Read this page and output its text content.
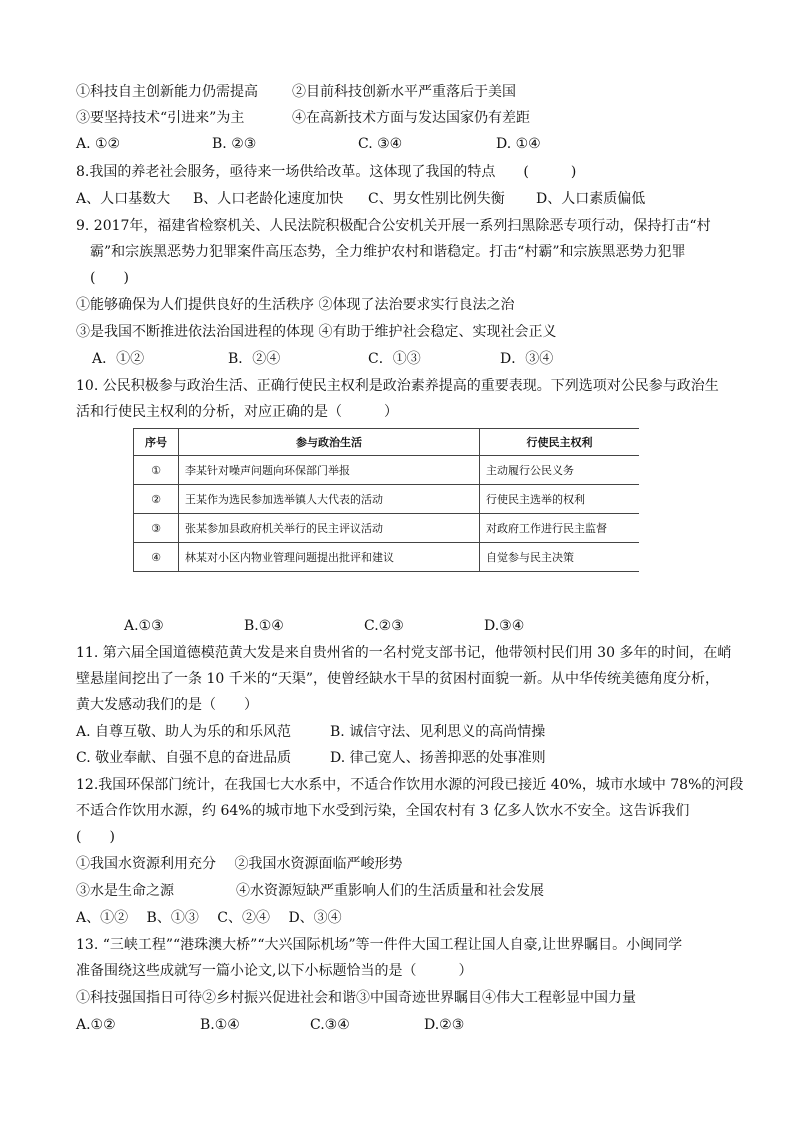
①科技自主创新能力仍需提高 ②目前科技创新水平严重落后于美国
③要坚持技术“引进来”为主	④在高新技术方面与发达国家仍有差距
A. ①②	B. ②③	C. ③④	D. ①④
8.我国的养老社会服务，亟待来一场供给改革。这体现了我国的特点　　(　　　)
A、人口基数大 B、人口老龄化速度加快 C、男女性别比例失衡 D、人口素质偏低
9. 2017年，福建省检察机关、人民法院积极配合公安机关开展一系列扫黑除恶专项行动，保持打击“村
霸”和宗族黑恶势力犯罪案件高压态势，全力维护农村和谐稳定。打击“村霸”和宗族黑恶势力犯罪
(　　)
①能够确保为人们提供良好的生活秩序 ②体现了法治要求实行良法之治
③是我国不断推进依法治国进程的体现 ④有助于维护社会稳定、实现社会正义
A．①②	B．②④	C．①③	D．③④
10. 公民积极参与政治生活、正确行使民主权利是政治素养提高的重要表现。下列选项对公民参与政治生
活和行使民主权利的分析，对应正确的是（　　　）
序号	参与政治生活	行使民主权利
①	李某针对噪声问题向环保部门举报	主动履行公民义务
②	王某作为选民参加选举镇人大代表的活动	行使民主选举的权利
③	张某参加县政府机关举行的民主评议活动	对政府工作进行民主监督
④	林某对小区内物业管理问题提出批评和建议	自觉参与民主决策
A.①③	B.①④	C.②③	D.③④
11. 第六届全国道德模范黄大发是来自贵州省的一名村党支部书记，他带领村民们用 30 多年的时间，在峭
壁悬崖间挖出了一条 10 千米的“天渠”，使曾经缺水干旱的贫困村面貌一新。从中华传统美德角度分析，
黄大发感动我们的是（　　）
A. 自尊互敬、助人为乐的和乐风范	B. 诚信守法、见利思义的高尚情操
C. 敬业奉献、自强不息的奋进品质	D. 律己宽人、扬善抑恶的处事准则
12.我国环保部门统计，在我国七大水系中，不适合作饮用水源的河段已接近 40%，城市水域中 78%的河段
不适合作饮用水源，约 64%的城市地下水受到污染，全国农村有 3 亿多人饮水不安全。这告诉我们
(　　)
①我国水资源利用充分　 ②我国水资源面临严峻形势
③水是生命之源	④水资源短缺严重影响人们的生活质量和社会发展
A、①②　 B、①③　 C、②④　 D、③④
13. “三峡工程”“港珠澳大桥”“大兴国际机场”等一件件大国工程让国人自豪,让世界瞩目。小闽同学
准备围绕这些成就写一篇小论文,以下小标题恰当的是（　　　）
①科技强国指日可待②乡村振兴促进社会和谐③中国奇迹世界瞩目④伟大工程彰显中国力量
A.①②	B.①④	C.③④	D.②③
